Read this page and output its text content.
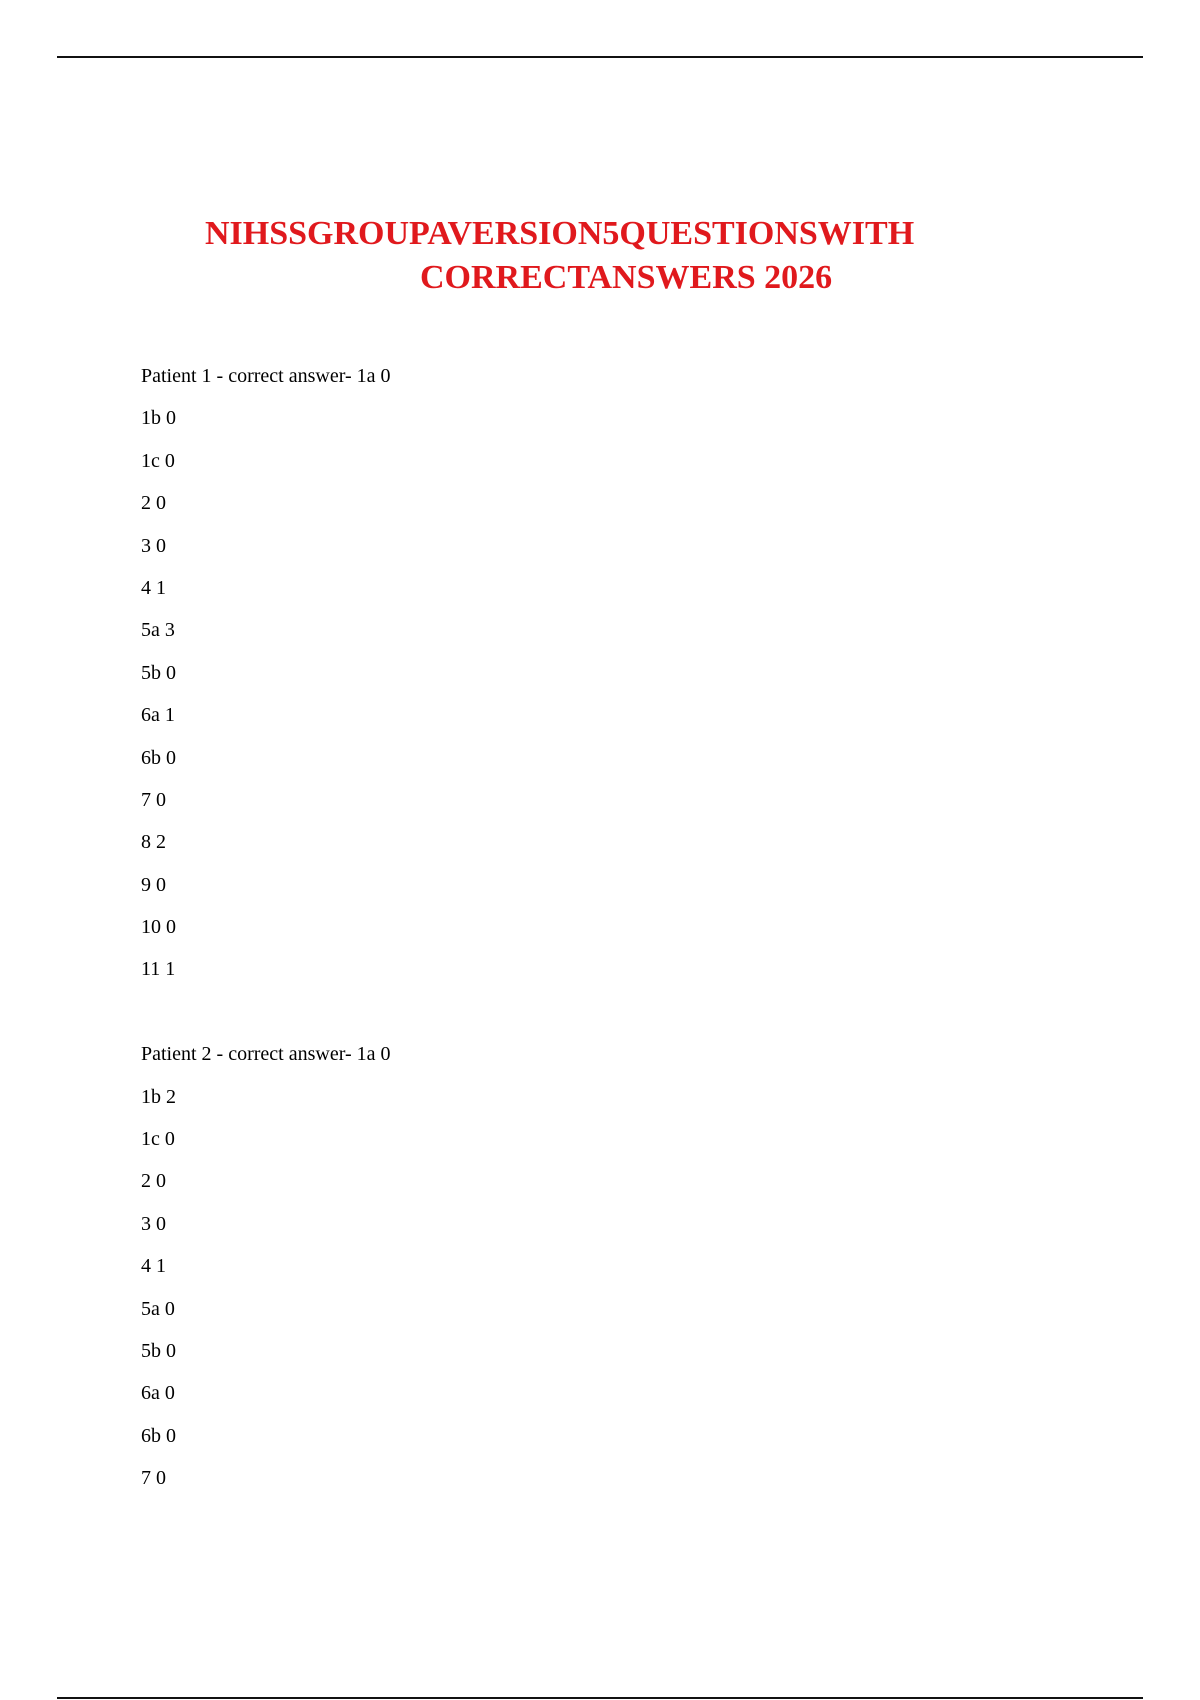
NIHSSGROUPAVERSION5QUESTIONSWITH
CORRECTANSWERS 2026
Patient 1 - correct answer- 1a 0
1b 0
1c 0
2 0
3 0
4 1
5a 3
5b 0
6a 1
6b 0
7 0
8 2
9 0
10 0
11 1
Patient 2 - correct answer- 1a 0
1b 2
1c 0
2 0
3 0
4 1
5a 0
5b 0
6a 0
6b 0
7 0
